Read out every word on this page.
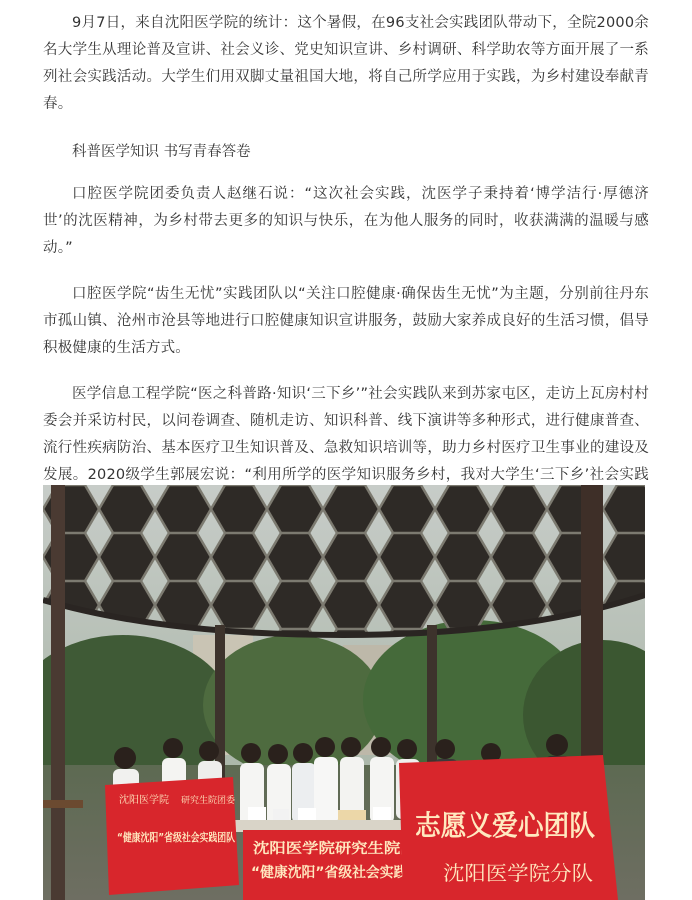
9月7日，来自沈阳医学院的统计：这个暑假，在96支社会实践团队带动下，全院2000余名大学生从理论普及宣讲、社会义诊、党史知识宣讲、乡村调研、科学助农等方面开展了一系列社会实践活动。大学生们用双脚丈量祖国大地，将自己所学应用于实践，为乡村建设奉献青春。

科普医学知识 书写青春答卷

口腔医学院团委负责人赵继石说：“这次社会实践，沈医学子秉持着‘博学洁行·厚德济世’的沈医精神，为乡村带去更多的知识与快乐，在为他人服务的同时，收获满满的温暖与感动。”

口腔医学院“齿生无忧”实践团队以“关注口腔健康·确保齿生无忧”为主题，分别前往丹东市孤山镇、沧州市沧县等地进行口腔健康知识宣讲服务，鼓励大家养成良好的生活习惯，倡导积极健康的生活方式。

医学信息工程学院“医之科普路·知识‘三下乡’”社会实践队来到苏家屯区，走访上瓦房村村委会并采访村民，以问卷调查、随机走访、知识科普、线下演讲等多种形式，进行健康普查、流行性疾病防治、基本医疗卫生知识普及、急救知识培训等，助力乡村医疗卫生事业的建设及发展。2020级学生郭展宏说：“利用所学的医学知识服务乡村，我对大学生‘三下乡’社会实践

沈阳医学院 研究生院团委
“健康沈阳”省级社会实践团队
沈阳医学院研究生院团委
“健康沈阳”省级社会实践团队
志愿义爱心团队
沈阳医学院分队
